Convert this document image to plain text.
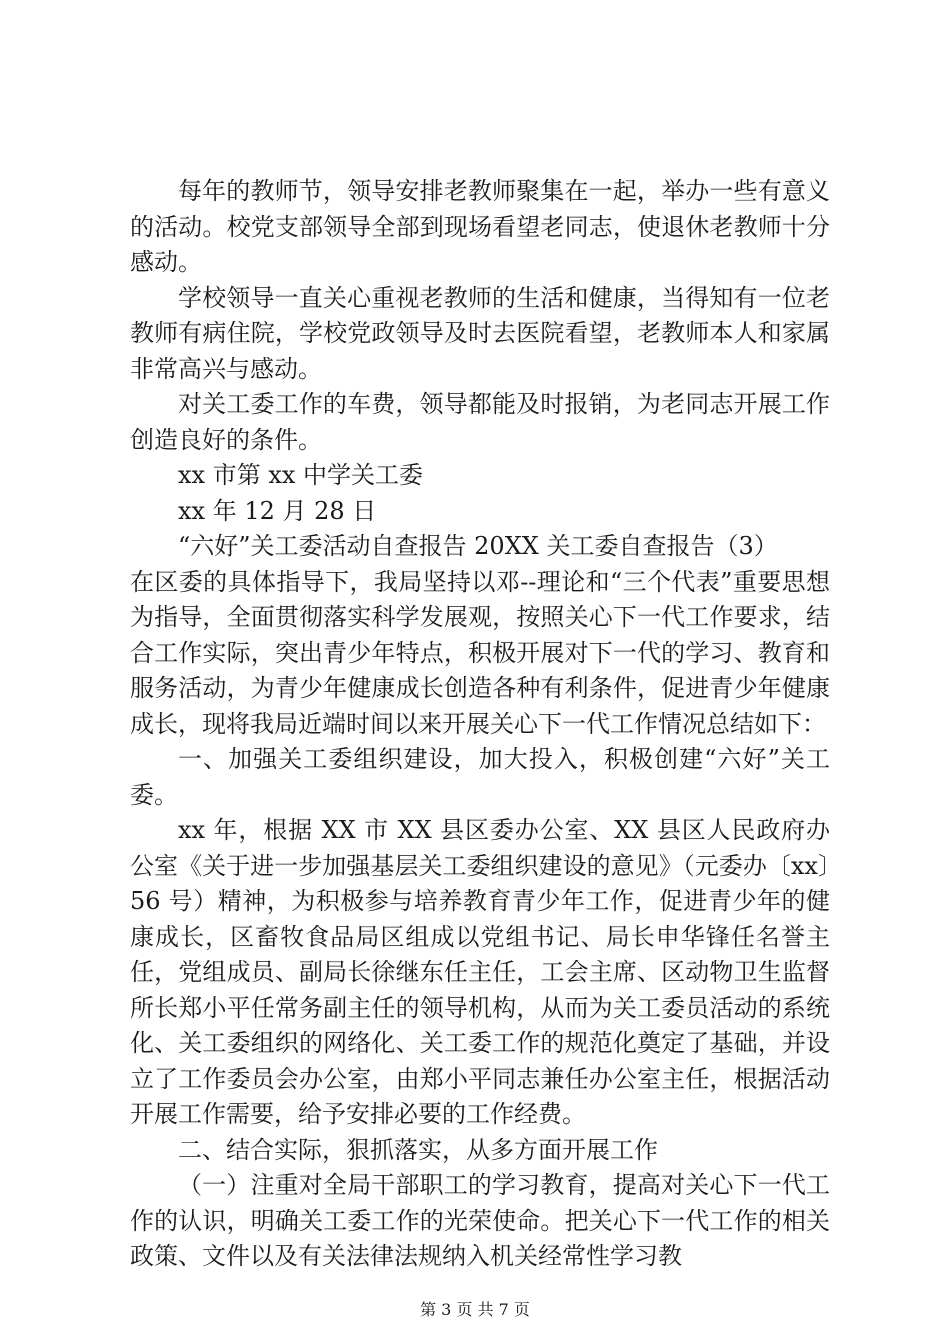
每年的教师节，领导安排老教师聚集在一起，举办一些有意义的活动。校党支部领导全部到现场看望老同志，使退休老教师十分感动。

学校领导一直关心重视老教师的生活和健康，当得知有一位老教师有病住院，学校党政领导及时去医院看望，老教师本人和家属非常高兴与感动。

对关工委工作的车费，领导都能及时报销，为老同志开展工作创造良好的条件。

xx 市第 xx 中学关工委

xx 年 12 月 28 日

“六好”关工委活动自查报告 20XX 关工委自查报告（3）

在区委的具体指导下，我局坚持以邓--理论和“三个代表”重要思想为指导，全面贯彻落实科学发展观，按照关心下一代工作要求，结合工作实际，突出青少年特点，积极开展对下一代的学习、教育和服务活动，为青少年健康成长创造各种有利条件，促进青少年健康成长，现将我局近端时间以来开展关心下一代工作情况总结如下：

一、加强关工委组织建设，加大投入，积极创建“六好”关工委。

xx 年，根据 XX 市 XX 县区委办公室、XX 县区人民政府办公室《关于进一步加强基层关工委组织建设的意见》（元委办〔xx〕56 号）精神，为积极参与培养教育青少年工作，促进青少年的健康成长，区畜牧食品局区组成以党组书记、局长申华锋任名誉主任，党组成员、副局长徐继东任主任，工会主席、区动物卫生监督所长郑小平任常务副主任的领导机构，从而为关工委员活动的系统化、关工委组织的网络化、关工委工作的规范化奠定了基础，并设立了工作委员会办公室，由郑小平同志兼任办公室主任，根据活动开展工作需要，给予安排必要的工作经费。

二、结合实际，狠抓落实，从多方面开展工作

（一）注重对全局干部职工的学习教育，提高对关心下一代工作的认识，明确关工委工作的光荣使命。把关心下一代工作的相关政策、文件以及有关法律法规纳入机关经常性学习教

第 3 页 共 7 页
